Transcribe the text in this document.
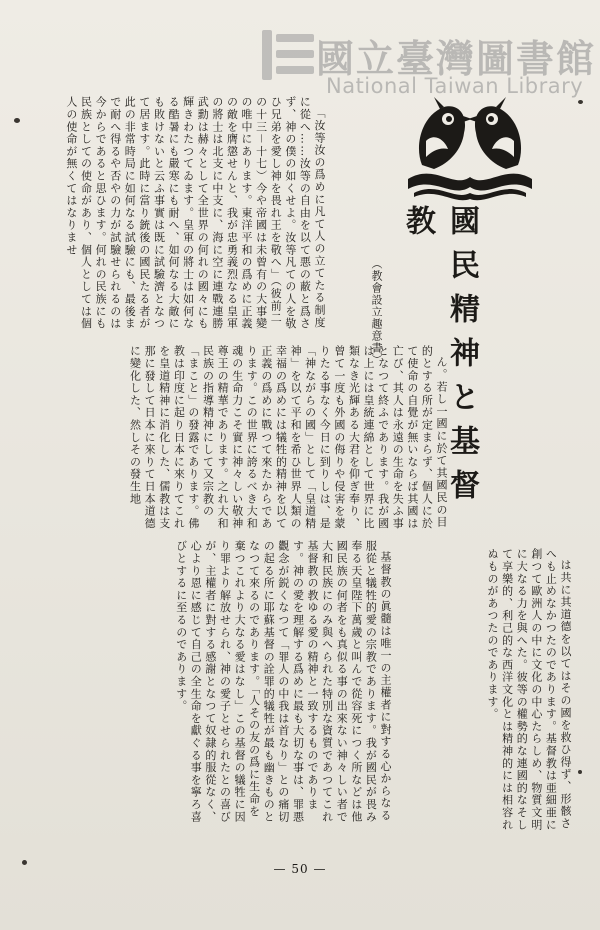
國立臺灣圖書館
National Taiwan Library
國民精神と基督教
（教會設立趣意書）

ん。若し一國に於て其國民の目的とする所が定まらず、個人に於て使命の自覺が無いならば其國は亡び、其人は永遠の生命を失ふ事となつて終ふであります。我が國は上には皇統連綿として世界に比類なき光輝ある大君を仰ぎ奉り、曾て一度も外國の侮りや侵害を蒙りたる事なく今日に到りしは、是「神ながらの國」として「皇道精神」を以て平和を希ひ世界人類の幸福の爲めには犠牲的精神を以て正義の爲めに戰つて來たからであります。この世界に誇るべき大和魂の生命力こそ實に神々しい敬神尊王の精華であります。之れ大和民族の指導精神にして又宗教の「まこと」の發露であります。佛教は印度に起り日本に來りてこれを皇道精神に消化した、儒教は支那に發して日本に來りて日本道德に變化した、然しその發生地

「汝等汝の爲めに凡て人の立てたる制度に從へ……汝等の自由を以て悪の蔽と爲さず、神の僕の如くせよ。汝等凡ての人を敬ひ兄弟を愛し神を畏れ王を敬へ」（彼前二の十三－十七）今や帝國は未曾有の大事變の唯中にあります。東洋平和の爲めに正義の敵を膺懲せんと、我が忠勇義烈なる皇軍の將士は北支に中支に、海に空に連戰連勝武勳は赫々として全世界の何れの國々にも輝きわたつてゐます。皇軍の將士は如何なる酷暑にも嚴寒にも耐へ、如何なる大敵にも敗けないと云ふ事實は既に試驗濟となつて居ます。此時に當り銃後の國民たる者が此の非常時局に如何なる試驗にも、最後まで耐へ得るや否やの力が試驗せられるのは今からであると思ひます。何れの民族にも民族としての使命があり、個人としては個人の使命が無くてはなりませ

は共に其道德を以てはその國を救ひ得ず、形骸さへも止めなかつたのであります。基督教は亜細亜に創つて歐洲人の中に文化の中心たらしめ、物質文明に大なる力を與へた。彼等の權勢的な連國的なそして享樂的、利己的な西洋文化とは精神的には相容れぬものがあつたのであります。

基督教の眞髓は唯一の主權者に對する心からなる服從と犠牲的愛の宗教であります。我が國民が畏み奉る天皇陛下萬歲と叫んで從容死につく所などは他國民族の何者をも真似る事の出來ない神々しい者で大和民族にのみ與へられた特別な資質であつてこれ基督教の教ゆる愛の精神と一致するものであります。神の愛を理解する爲めに最も大切な事は、罪悪觀念が鋭くなつて「罪人の中我は首なり」との痛切の起る所に耶蘇基督の詮罪的犠牲が最も幽きものとなつて來るのであります。「人その友の爲に生命を棄つこれより大なる愛はなし」この基督の犠牲に因り罪より解放せられ、神の愛子とせられたとの喜びが、主權者に對する感謝となつて奴隷的服從なく、心より恩に感じて自己の全生命を獻ぐる事を寧ろ喜びとするに至るのであります。

— 50 —
